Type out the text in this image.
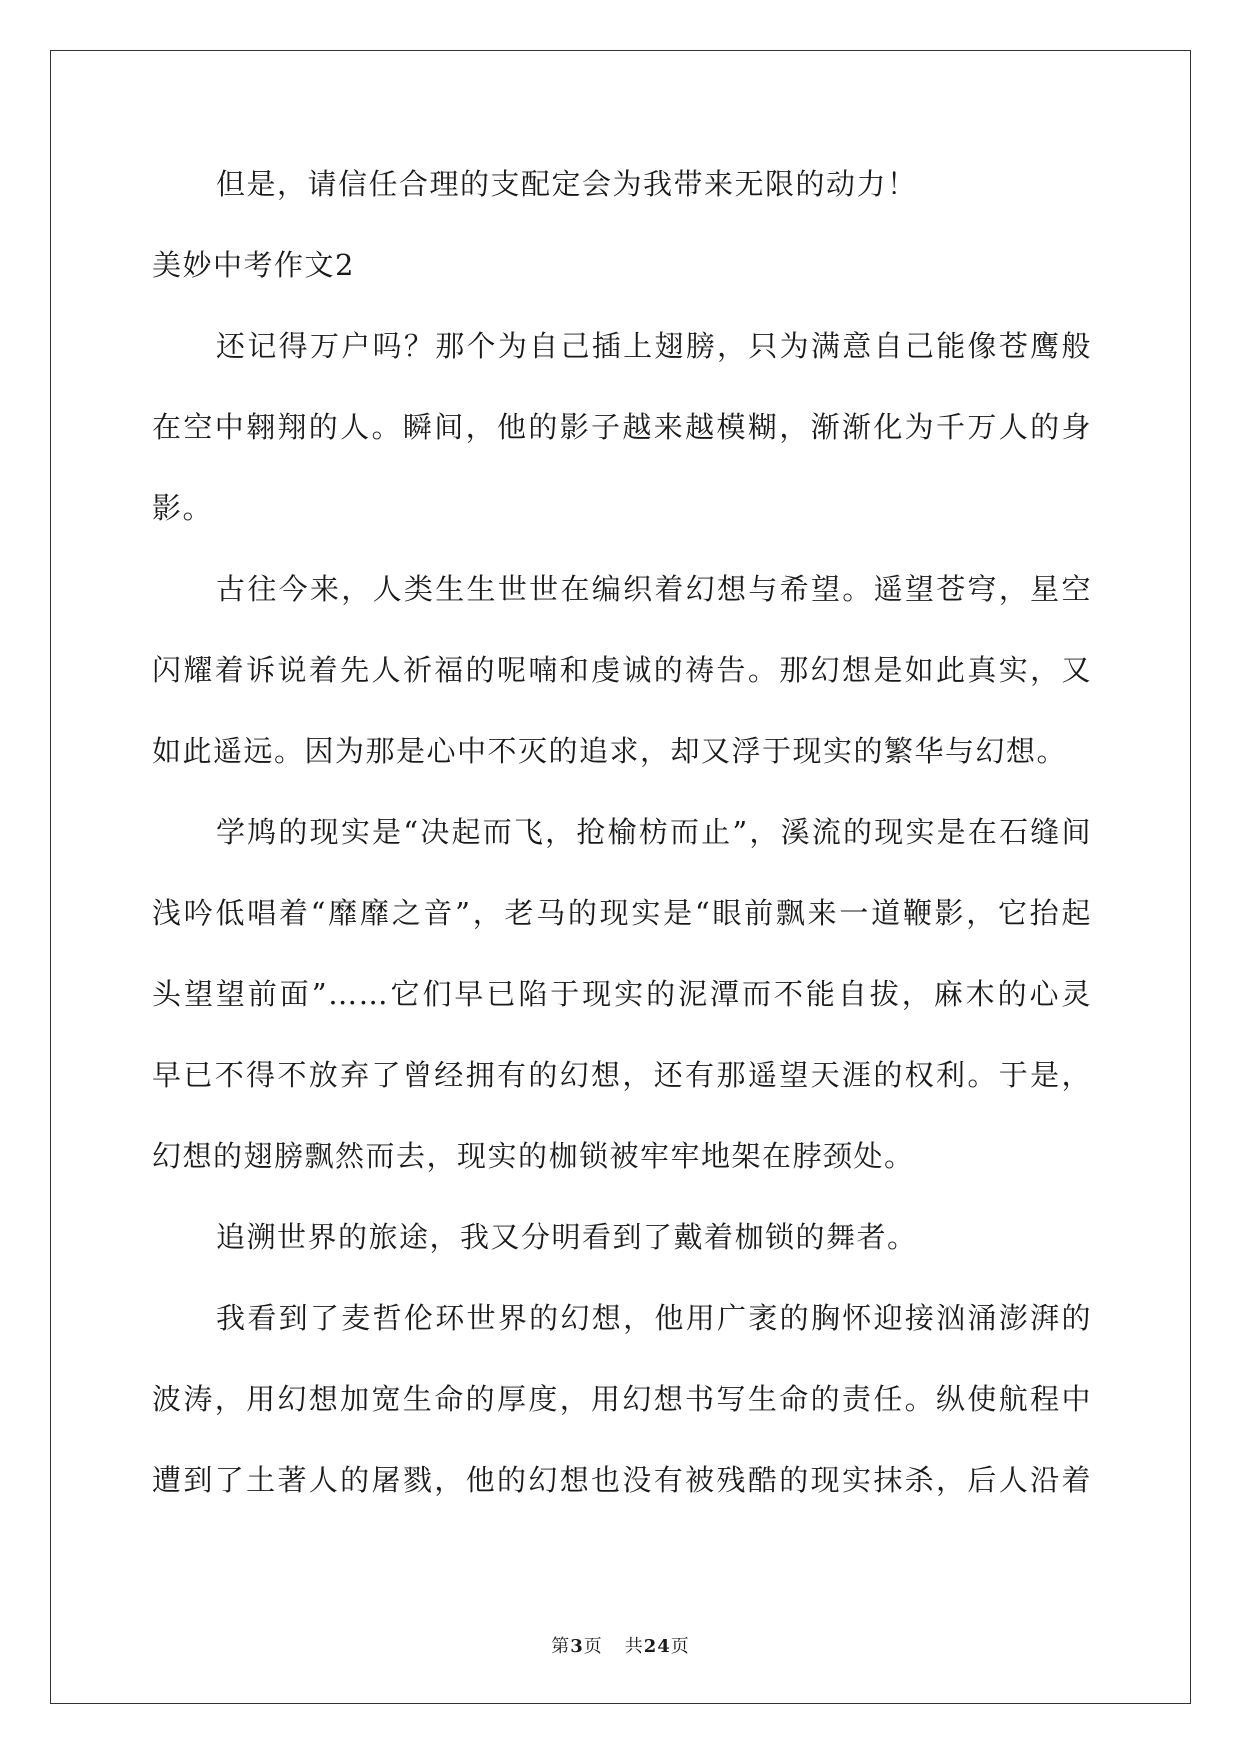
但是，请信任合理的支配定会为我带来无限的动力！
美妙中考作文2
还记得万户吗？那个为自己插上翅膀，只为满意自己能像苍鹰般
在空中翱翔的人。瞬间，他的影子越来越模糊，渐渐化为千万人的身
影。
古往今来，人类生生世世在编织着幻想与希望。遥望苍穹，星空
闪耀着诉说着先人祈福的呢喃和虔诚的祷告。那幻想是如此真实，又
如此遥远。因为那是心中不灭的追求，却又浮于现实的繁华与幻想。
学鸠的现实是“决起而飞，抢榆枋而止”，溪流的现实是在石缝间
浅吟低唱着“靡靡之音”，老马的现实是“眼前飘来一道鞭影，它抬起
头望望前面”……它们早已陷于现实的泥潭而不能自拔，麻木的心灵
早已不得不放弃了曾经拥有的幻想，还有那遥望天涯的权利。于是，
幻想的翅膀飘然而去，现实的枷锁被牢牢地架在脖颈处。
追溯世界的旅途，我又分明看到了戴着枷锁的舞者。
我看到了麦哲伦环世界的幻想，他用广袤的胸怀迎接汹涌澎湃的
波涛，用幻想加宽生命的厚度，用幻想书写生命的责任。纵使航程中
遭到了土著人的屠戮，他的幻想也没有被残酷的现实抹杀，后人沿着
第3页 共24页
